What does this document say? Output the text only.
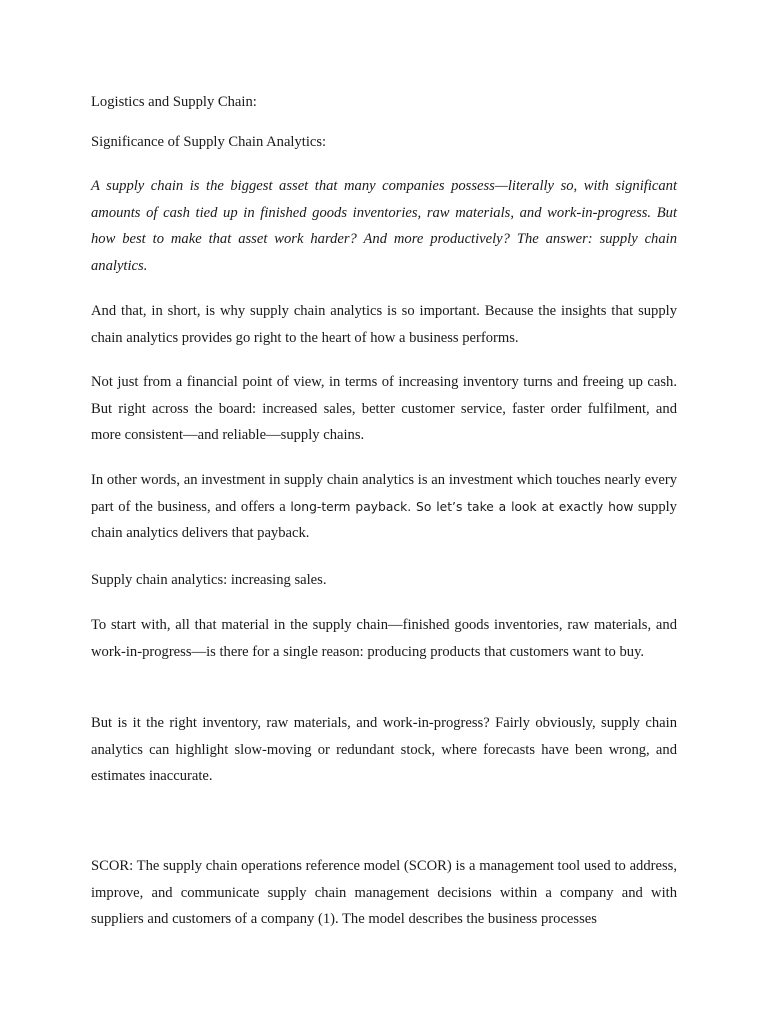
Logistics and Supply Chain:

Significance of Supply Chain Analytics:

A supply chain is the biggest asset that many companies possess—literally so, with significant amounts of cash tied up in finished goods inventories, raw materials, and work-in-progress. But how best to make that asset work harder? And more productively? The answer: supply chain analytics.

And that, in short, is why supply chain analytics is so important. Because the insights that supply chain analytics provides go right to the heart of how a business performs.

Not just from a financial point of view, in terms of increasing inventory turns and freeing up cash. But right across the board: increased sales, better customer service, faster order fulfilment, and more consistent—and reliable—supply chains.

In other words, an investment in supply chain analytics is an investment which touches nearly every part of the business, and offers a long-term payback. So let’s take a look at exactly how supply chain analytics delivers that payback.

Supply chain analytics: increasing sales.

To start with, all that material in the supply chain—finished goods inventories, raw materials, and work-in-progress—is there for a single reason: producing products that customers want to buy.

But is it the right inventory, raw materials, and work-in-progress? Fairly obviously, supply chain analytics can highlight slow-moving or redundant stock, where forecasts have been wrong, and estimates inaccurate.

SCOR: The supply chain operations reference model (SCOR) is a management tool used to address, improve, and communicate supply chain management decisions within a company and with suppliers and customers of a company (1). The model describes the business processes
